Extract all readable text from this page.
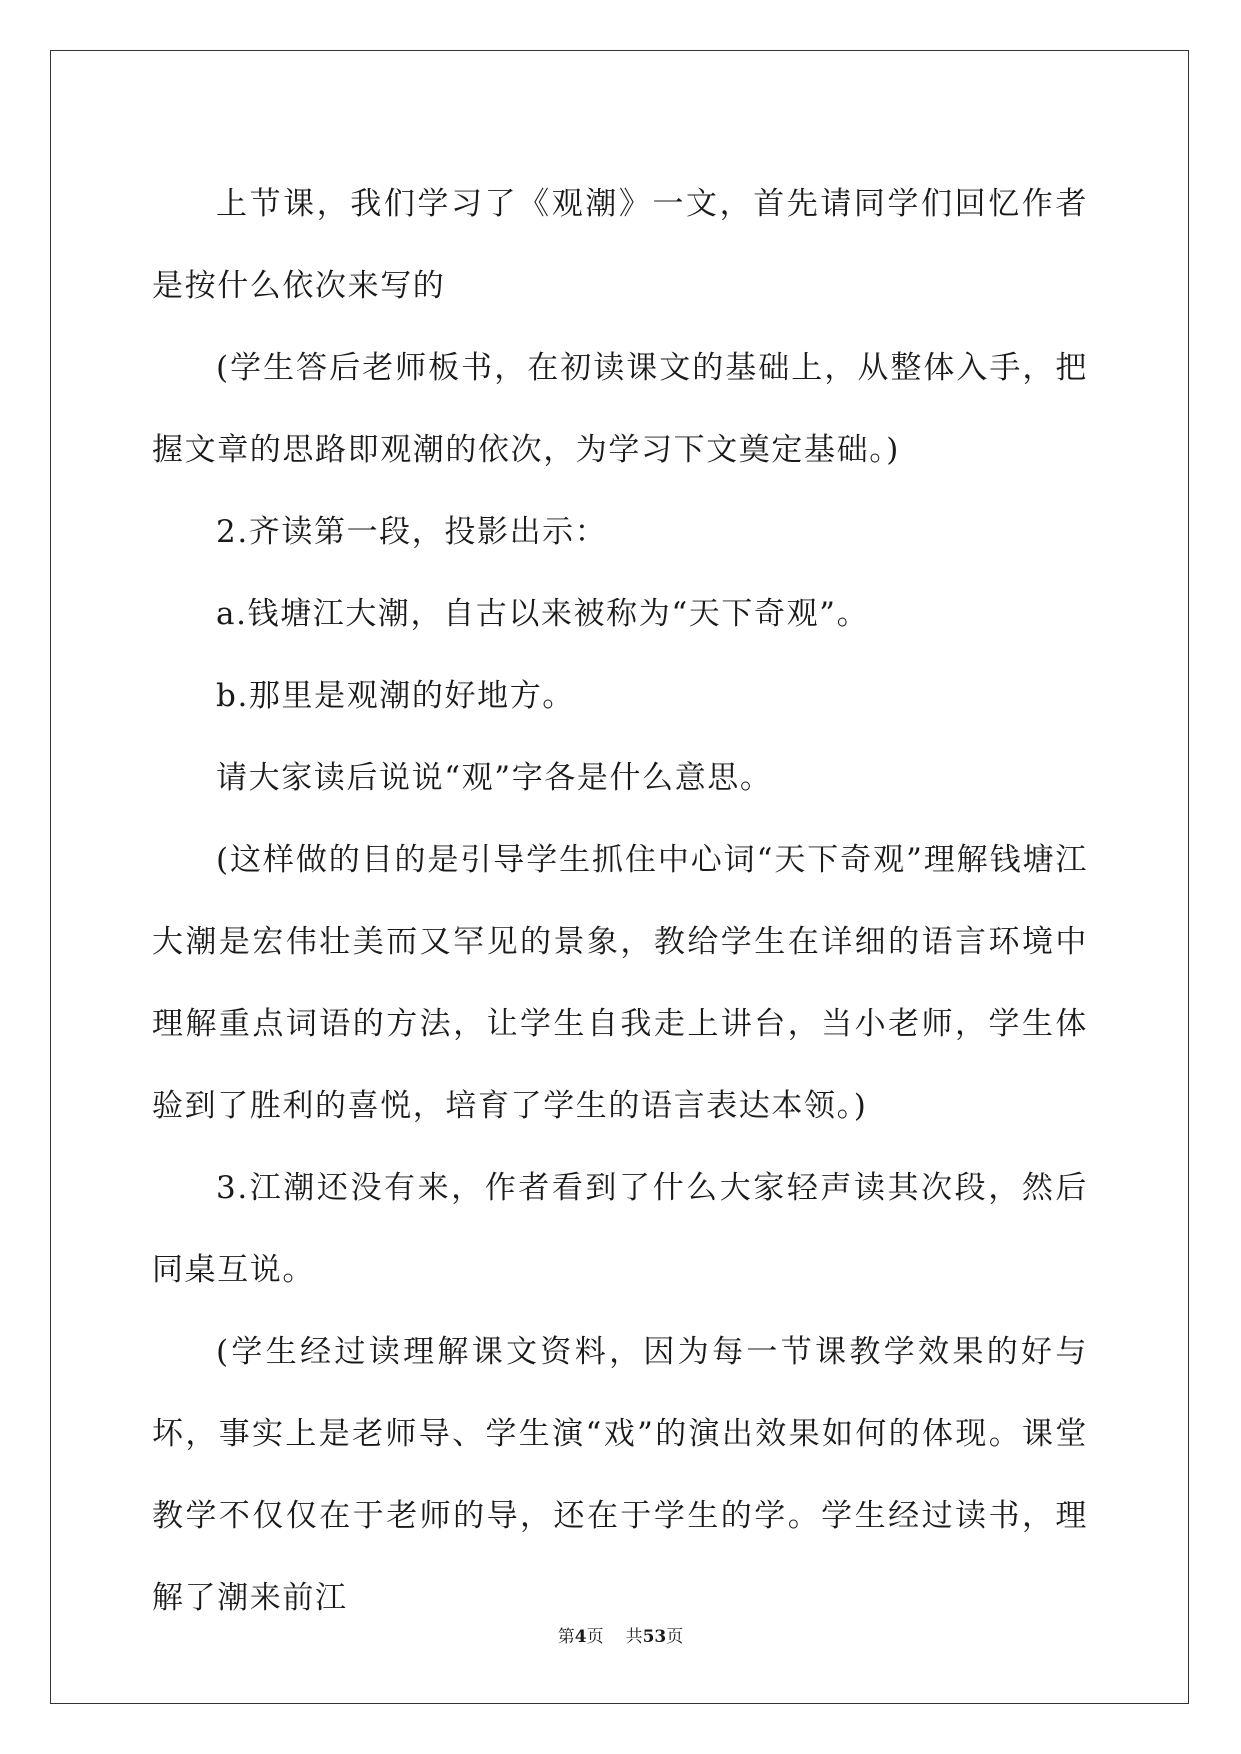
上节课，我们学习了《观潮》一文，首先请同学们回忆作者是按什么依次来写的

(学生答后老师板书，在初读课文的基础上，从整体入手，把握文章的思路即观潮的依次，为学习下文奠定基础。)

2.齐读第一段，投影出示：

a.钱塘江大潮，自古以来被称为“天下奇观”。

b.那里是观潮的好地方。

请大家读后说说“观”字各是什么意思。

(这样做的目的是引导学生抓住中心词“天下奇观”理解钱塘江大潮是宏伟壮美而又罕见的景象，教给学生在详细的语言环境中理解重点词语的方法，让学生自我走上讲台，当小老师，学生体验到了胜利的喜悦，培育了学生的语言表达本领。)

3.江潮还没有来，作者看到了什么大家轻声读其次段，然后同桌互说。

(学生经过读理解课文资料，因为每一节课教学效果的好与坏，事实上是老师导、学生演“戏”的演出效果如何的体现。课堂教学不仅仅在于老师的导，还在于学生的学。学生经过读书，理解了潮来前江

第4页 共53页
